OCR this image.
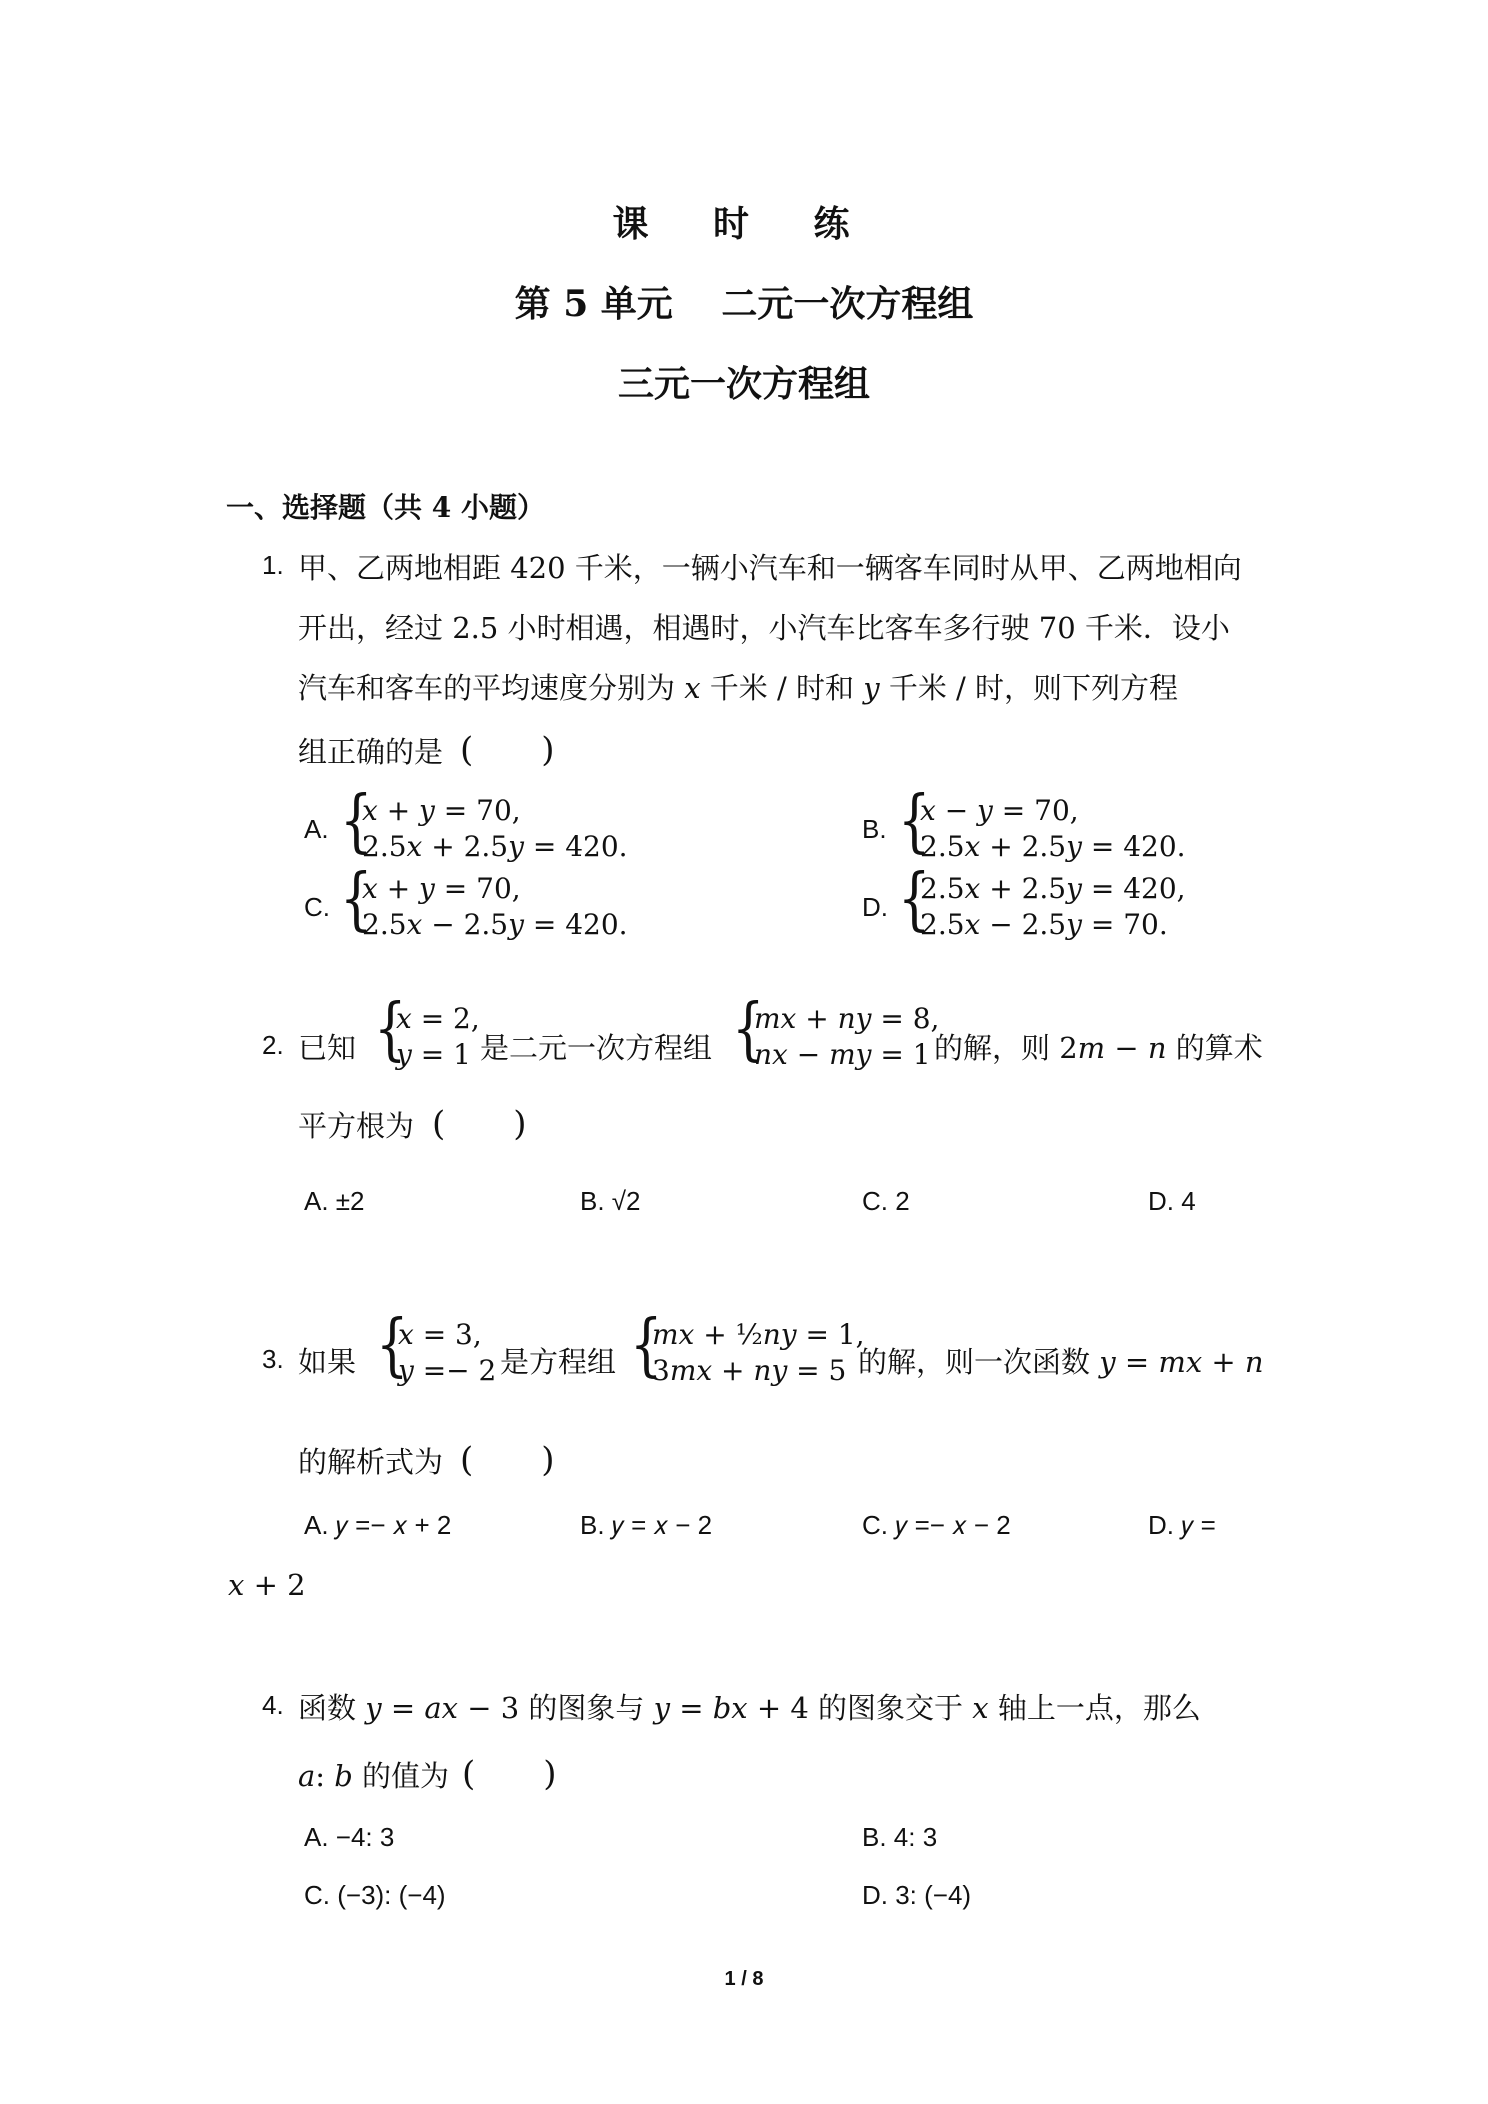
课 时 练
第 5 单元　 二元一次方程组
三元一次方程组
一、选择题（共 4 小题）
1. 甲、乙两地相距 420 千米，一辆小汽车和一辆客车同时从甲、乙两地相向
开出，经过 2.5 小时相遇，相遇时，小汽车比客车多行驶 70 千米．设小
汽车和客车的平均速度分别为 𝑥 千米 / 时和 𝑦 千米 / 时，则下列方程
组正确的是 (　　)
A. {
𝑥 + 𝑦 = 70,
2.5𝑥 + 2.5𝑦 = 420.
B. {
𝑥 − 𝑦 = 70,
2.5𝑥 + 2.5𝑦 = 420.
C. {
𝑥 + 𝑦 = 70,
2.5𝑥 − 2.5𝑦 = 420.
D. {
2.5𝑥 + 2.5𝑦 = 420,
2.5𝑥 − 2.5𝑦 = 70.
2. 已知 {
𝑥 = 2,
𝑦 = 1 是二元一次方程组 {
𝑚𝑥 + 𝑛𝑦 = 8,
𝑛𝑥 − 𝑚𝑦 = 1 的解，则 2𝑚 − 𝑛 的算术
平方根为 (　　)
A. ±2	B. √2	C. 2	D. 4
3. 如果 {
𝑥 = 3,
𝑦 =− 2 是方程组 {
𝑚𝑥 + ½𝑛𝑦 = 1,
3𝑚𝑥 + 𝑛𝑦 = 5 的解，则一次函数 𝑦 = 𝑚𝑥 + 𝑛
的解析式为 (　　)
A. 𝑦 =− 𝑥 + 2	B. 𝑦 = 𝑥 − 2	C. 𝑦 =− 𝑥 − 2	D. 𝑦 =
𝑥 + 2
4. 函数 𝑦 = 𝑎𝑥 − 3 的图象与 𝑦 = 𝑏𝑥 + 4 的图象交于 𝑥 轴上一点，那么
𝑎: 𝑏 的值为 (　　)
A. −4: 3	B. 4: 3
C. (−3): (−4)	D. 3: (−4)
1 / 8
